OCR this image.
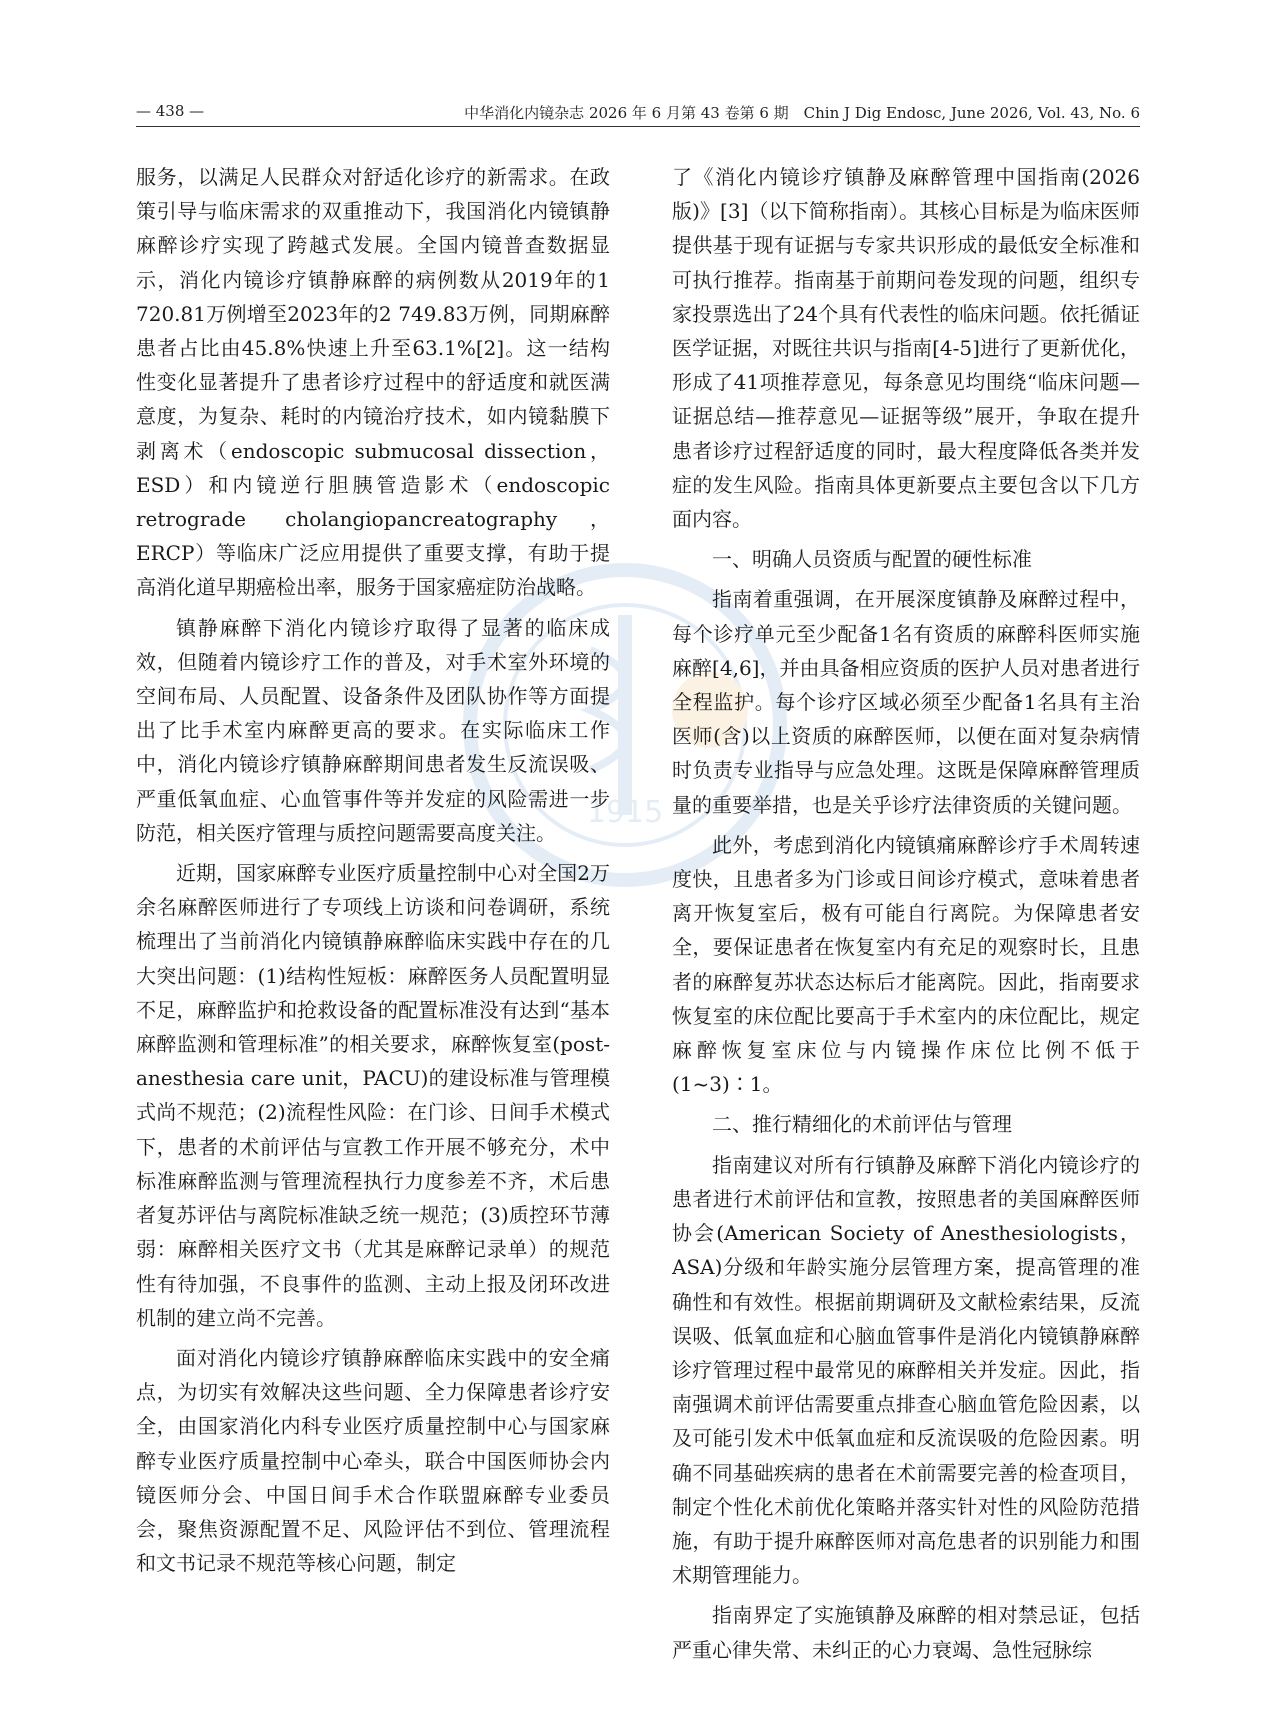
— 438 —	中华消化内镜杂志 2026 年 6 月第 43 卷第 6 期　Chin J Dig Endosc, June 2026, Vol. 43, No. 6
1915

服务，以满足人民群众对舒适化诊疗的新需求。在政策引导与临床需求的双重推动下，我国消化内镜镇静麻醉诊疗实现了跨越式发展。全国内镜普查数据显示，消化内镜诊疗镇静麻醉的病例数从2019年的1 720.81万例增至2023年的2 749.83万例，同期麻醉患者占比由45.8%快速上升至63.1%[2]。这一结构性变化显著提升了患者诊疗过程中的舒适度和就医满意度，为复杂、耗时的内镜治疗技术，如内镜黏膜下剥离术（endoscopic submucosal dissection，ESD）和内镜逆行胆胰管造影术（endoscopic retrograde cholangiopancreatography，ERCP）等临床广泛应用提供了重要支撑，有助于提高消化道早期癌检出率，服务于国家癌症防治战略。

镇静麻醉下消化内镜诊疗取得了显著的临床成效，但随着内镜诊疗工作的普及，对手术室外环境的空间布局、人员配置、设备条件及团队协作等方面提出了比手术室内麻醉更高的要求。在实际临床工作中，消化内镜诊疗镇静麻醉期间患者发生反流误吸、严重低氧血症、心血管事件等并发症的风险需进一步防范，相关医疗管理与质控问题需要高度关注。

近期，国家麻醉专业医疗质量控制中心对全国2万余名麻醉医师进行了专项线上访谈和问卷调研，系统梳理出了当前消化内镜镇静麻醉临床实践中存在的几大突出问题：(1)结构性短板：麻醉医务人员配置明显不足，麻醉监护和抢救设备的配置标准没有达到“基本麻醉监测和管理标准”的相关要求，麻醉恢复室(post-anesthesia care unit，PACU)的建设标准与管理模式尚不规范；(2)流程性风险：在门诊、日间手术模式下，患者的术前评估与宣教工作开展不够充分，术中标准麻醉监测与管理流程执行力度参差不齐，术后患者复苏评估与离院标准缺乏统一规范；(3)质控环节薄弱：麻醉相关医疗文书（尤其是麻醉记录单）的规范性有待加强，不良事件的监测、主动上报及闭环改进机制的建立尚不完善。

面对消化内镜诊疗镇静麻醉临床实践中的安全痛点，为切实有效解决这些问题、全力保障患者诊疗安全，由国家消化内科专业医疗质量控制中心与国家麻醉专业医疗质量控制中心牵头，联合中国医师协会内镜医师分会、中国日间手术合作联盟麻醉专业委员会，聚焦资源配置不足、风险评估不到位、管理流程和文书记录不规范等核心问题，制定

了《消化内镜诊疗镇静及麻醉管理中国指南(2026版)》[3]（以下简称指南）。其核心目标是为临床医师提供基于现有证据与专家共识形成的最低安全标准和可执行推荐。指南基于前期问卷发现的问题，组织专家投票选出了24个具有代表性的临床问题。依托循证医学证据，对既往共识与指南[4-5]进行了更新优化，形成了41项推荐意见，每条意见均围绕“临床问题—证据总结—推荐意见—证据等级”展开，争取在提升患者诊疗过程舒适度的同时，最大程度降低各类并发症的发生风险。指南具体更新要点主要包含以下几方面内容。

一、明确人员资质与配置的硬性标准

指南着重强调，在开展深度镇静及麻醉过程中，每个诊疗单元至少配备1名有资质的麻醉科医师实施麻醉[4,6]，并由具备相应资质的医护人员对患者进行全程监护。每个诊疗区域必须至少配备1名具有主治医师(含)以上资质的麻醉医师，以便在面对复杂病情时负责专业指导与应急处理。这既是保障麻醉管理质量的重要举措，也是关乎诊疗法律资质的关键问题。

此外，考虑到消化内镜镇痛麻醉诊疗手术周转速度快，且患者多为门诊或日间诊疗模式，意味着患者离开恢复室后，极有可能自行离院。为保障患者安全，要保证患者在恢复室内有充足的观察时长，且患者的麻醉复苏状态达标后才能离院。因此，指南要求恢复室的床位配比要高于手术室内的床位配比，规定麻醉恢复室床位与内镜操作床位比例不低于(1~3)∶1。

二、推行精细化的术前评估与管理

指南建议对所有行镇静及麻醉下消化内镜诊疗的患者进行术前评估和宣教，按照患者的美国麻醉医师协会(American Society of Anesthesiologists，ASA)分级和年龄实施分层管理方案，提高管理的准确性和有效性。根据前期调研及文献检索结果，反流误吸、低氧血症和心脑血管事件是消化内镜镇静麻醉诊疗管理过程中最常见的麻醉相关并发症。因此，指南强调术前评估需要重点排查心脑血管危险因素，以及可能引发术中低氧血症和反流误吸的危险因素。明确不同基础疾病的患者在术前需要完善的检查项目，制定个性化术前优化策略并落实针对性的风险防范措施，有助于提升麻醉医师对高危患者的识别能力和围术期管理能力。

指南界定了实施镇静及麻醉的相对禁忌证，包括严重心律失常、未纠正的心力衰竭、急性冠脉综
